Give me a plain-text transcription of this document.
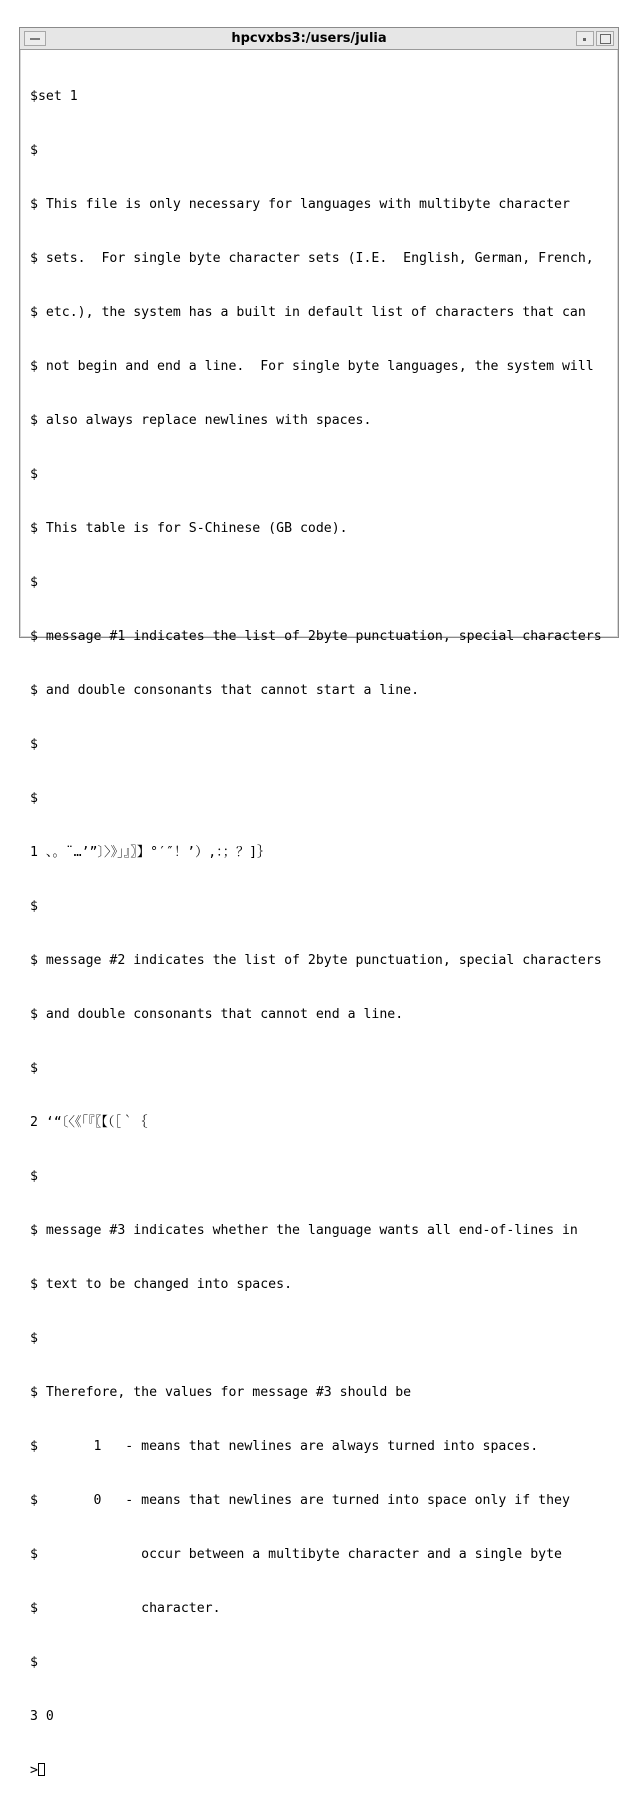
hpcvxbs3:/users/julia

$set 1

$

$ This file is only necessary for languages with multibyte character

$ sets.  For single byte character sets (I.E.  English, German, French,

$ etc.), the system has a built in default list of characters that can

$ not begin and end a line.  For single byte languages, the system will

$ also always replace newlines with spaces.

$

$ This table is for S-Chinese (GB code).

$

$ message #1 indicates the list of 2byte punctuation, special characters

$ and double consonants that cannot start a line.

$

$

1 、。¨…’”〕〉》」』〗】°′″！’）,：；？]｝

$

$ message #2 indicates the list of 2byte punctuation, special characters

$ and double consonants that cannot end a line.

$

2 ‘“〔〈《「『〖【（［｀｛

$

$ message #3 indicates whether the language wants all end-of-lines in

$ text to be changed into spaces.

$

$ Therefore, the values for message #3 should be

$       1   - means that newlines are always turned into spaces.

$       0   - means that newlines are turned into space only if they

$             occur between a multibyte character and a single byte

$             character.

$

3 0

>
